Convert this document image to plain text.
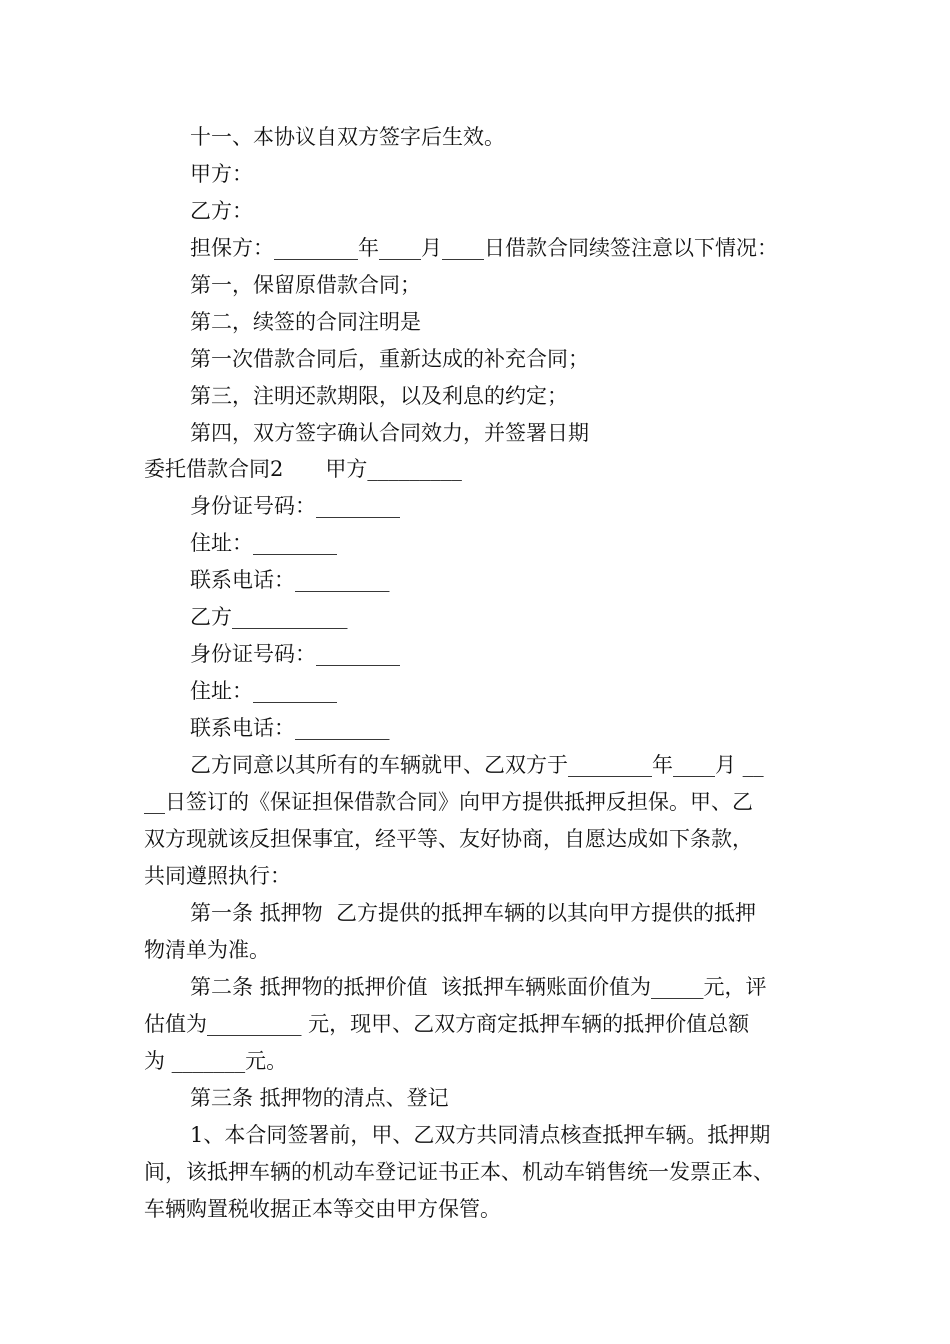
十一、本协议自双方签字后生效。

甲方：

乙方：

担保方：________年____月____日借款合同续签注意以下情况：

第一，保留原借款合同；

第二，续签的合同注明是

第一次借款合同后，重新达成的补充合同；

第三，注明还款期限，以及利息的约定；

第四，双方签字确认合同效力，并签署日期

委托借款合同2　　甲方_________

身份证号码：________

住址：________

联系电话：_________

乙方___________

身份证号码：________

住址：________

联系电话：_________

乙方同意以其所有的车辆就甲、乙双方于________年____月 __

__日签订的《保证担保借款合同》向甲方提供抵押反担保。甲、乙

双方现就该反担保事宜，经平等、友好协商，自愿达成如下条款，

共同遵照执行：

第一条 抵押物  乙方提供的抵押车辆的以其向甲方提供的抵押

物清单为准。

第二条 抵押物的抵押价值  该抵押车辆账面价值为_____元，评

估值为_________ 元，现甲、乙双方商定抵押车辆的抵押价值总额

为 _______元。

第三条 抵押物的清点、登记

1、本合同签署前，甲、乙双方共同清点核查抵押车辆。抵押期

间，该抵押车辆的机动车登记证书正本、机动车销售统一发票正本、

车辆购置税收据正本等交由甲方保管。
